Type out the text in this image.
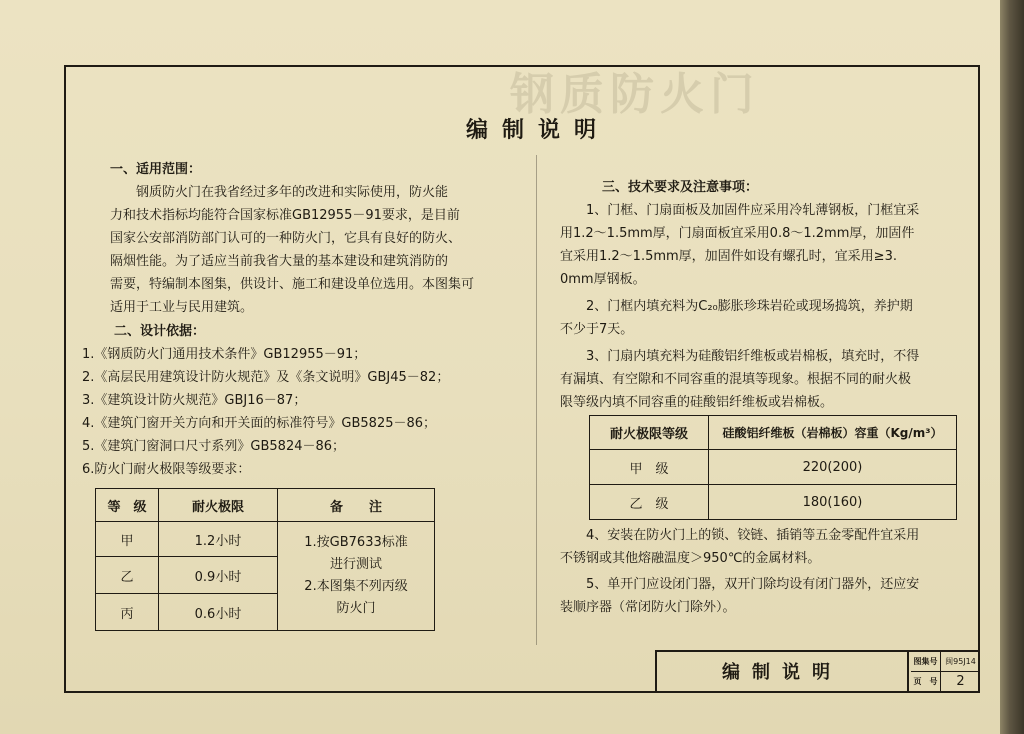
钢质防火门
编制说明
一、适用范围：

钢质防火门在我省经过多年的改进和实际使用，防火能

力和技术指标均能符合国家标准GB12955－91要求，是目前

国家公安部消防部门认可的一种防火门，它具有良好的防火、

隔烟性能。为了适应当前我省大量的基本建设和建筑消防的

需要，特编制本图集，供设计、施工和建设单位选用。本图集可

适用于工业与民用建筑。

二、设计依据：

1.《钢质防火门通用技术条件》GB12955－91；

2.《高层民用建筑设计防火规范》及《条文说明》GBJ45－82；

3.《建筑设计防火规范》GBJ16－87；

4.《建筑门窗开关方向和开关面的标准符号》GB5825－86；

5.《建筑门窗洞口尺寸系列》GB5824－86；

6.防火门耐火极限等级要求：

等　级	耐火极限	备　　注
甲	1.2小时	1.按GB7633标准
进行测试
2.本图集不列丙级
防火门

乙	0.9小时	
丙	0.6小时	
三、技术要求及注意事项：

1、门框、门扇面板及加固件应采用冷轧薄钢板，门框宜采

用1.2～1.5mm厚，门扇面板宜采用0.8～1.2mm厚，加固件

宜采用1.2～1.5mm厚，加固件如设有螺孔时，宜采用≥3.

0mm厚钢板。

2、门框内填充料为C₂₀膨胀珍珠岩砼或现场捣筑，养护期

不少于7天。

3、门扇内填充料为硅酸铝纤维板或岩棉板，填充时，不得

有漏填、有空隙和不同容重的混填等现象。根据不同的耐火极

限等级内填不同容重的硅酸铝纤维板或岩棉板。

耐火极限等级	硅酸铝纤维板（岩棉板）容重（Kg/m³）
甲　级	220(200)
乙　级	180(160)

4、安装在防火门上的锁、铰链、插销等五金零配件宜采用

不锈钢或其他熔融温度＞950℃的金属材料。

5、单开门应设闭门器，双开门除均设有闭门器外，还应安

装顺序器（常闭防火门除外）。

编制说明
图集号 闽95J14
页　号	2
